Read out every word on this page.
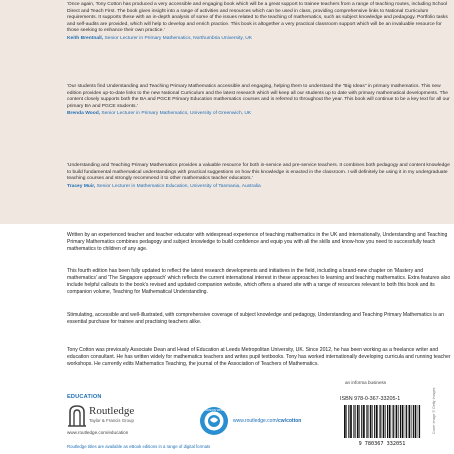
'Once again, Tony Cotton has produced a very accessible and engaging book which will be a great support to trainee teachers from a range of teaching routes, including School Direct and Teach First. The book gives insight into a range of activities and resources which can be used in class, providing comprehensive links to National Curriculum requirements. It supports these with an in-depth analysis of some of the issues related to the teaching of mathematics, such as subject knowledge and pedagogy. Portfolio tasks and self-audits are provided, which will help to develop and enrich practice. This book is altogether a very practical classroom support which will be an invaluable resource for those seeking to enhance their own practice.'

Keith Brentnall, Senior Lecturer in Primary Mathematics, Northumbria University, UK

'Our students find Understanding and Teaching Primary Mathematics accessible and engaging, helping them to understand the "Big Ideas" in primary mathematics. This new edition provides up-to-date links to the new National Curriculum and the latest research which will keep all our students up to date with primary mathematical developments. The content closely supports both the BA and PGCE Primary Education mathematics courses and is referred to throughout the year. This book will continue to be a key text for all our primary BA and PGCE students.'

Brenda Wood, Senior Lecturer in Primary Mathematics, University of Greenwich, UK

'Understanding and Teaching Primary Mathematics provides a valuable resource for both in-service and pre-service teachers. It combines both pedagogy and content knowledge to build fundamental mathematical understandings with practical suggestions on how this knowledge is enacted in the classroom. I will definitely be using it in my undergraduate teaching courses and strongly recommend it to other mathematics teacher educators.'

Tracey Muir, Senior Lecturer in Mathematics Education, University of Tasmania, Australia

Written by an experienced teacher and teacher educator with widespread experience of teaching mathematics in the UK and internationally, Understanding and Teaching Primary Mathematics combines pedagogy and subject knowledge to build confidence and equip you with all the skills and know-how you need to successfully teach mathematics to children of any age.

This fourth edition has been fully updated to reflect the latest research developments and initiatives in the field, including a brand-new chapter on 'Mastery and mathematics' and 'The Singapore approach' which reflects the current international interest in these approaches to learning and teaching mathematics. Extra features also include helpful callouts to the book's revised and updated companion website, which offers a shared site with a range of resources relevant to both this book and its companion volume, Teaching for Mathematical Understanding.

Stimulating, accessible and well-illustrated, with comprehensive coverage of subject knowledge and pedagogy, Understanding and Teaching Primary Mathematics is an essential purchase for trainee and practising teachers alike.

Tony Cotton was previously Associate Dean and Head of Education at Leeds Metropolitan University, UK. Since 2012, he has been working as a freelance writer and education consultant. He has written widely for mathematics teachers and writes pupil textbooks. Tony has worked internationally developing curricula and running teacher workshops. He currently edits Mathematics Teaching, the journal of the Association of Teachers of Mathematics.

EDUCATION
Routledge
Taylor & Francis Group
www.routledge.com/education
COMPANION WEBSITE
www.routledge.com/cw/cotton
an informa business
ISBN 978-0-367-33205-1
9 780367 332051
Cover image © Getty Images
Routledge titles are available as eBook editions in a range of digital formats
